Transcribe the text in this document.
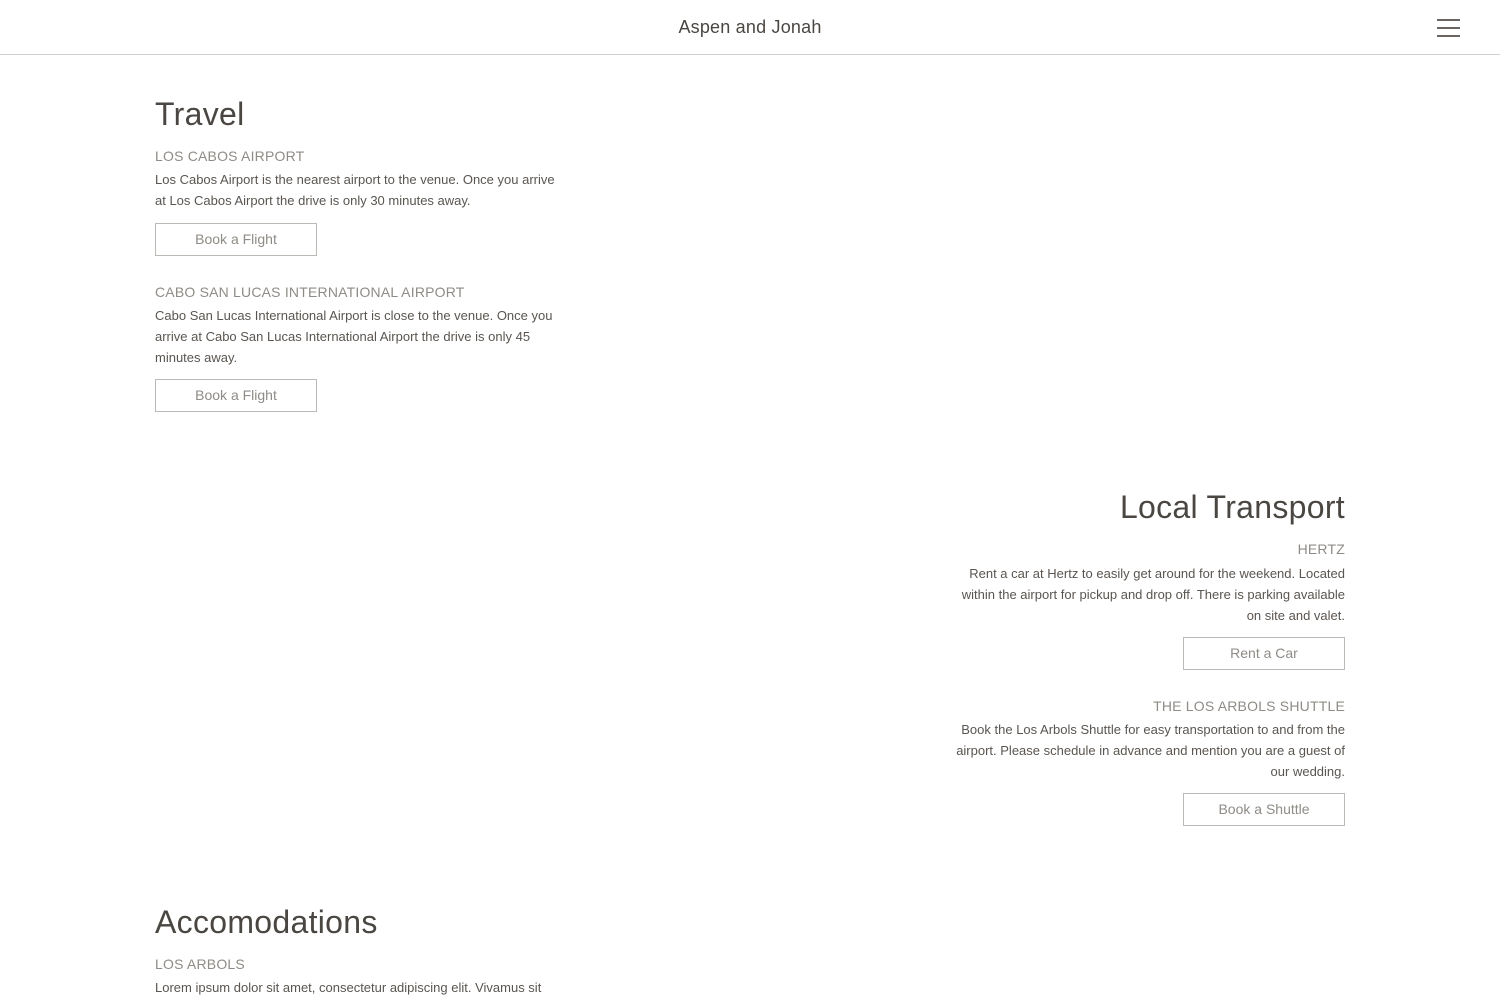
Aspen and Jonah
Travel

LOS CABOS AIRPORT

Los Cabos Airport is the nearest airport to the venue. Once you arrive at Los Cabos Airport the drive is only 30 minutes away.

Book a Flight

CABO SAN LUCAS INTERNATIONAL AIRPORT

Cabo San Lucas International Airport is close to the venue. Once you arrive at Cabo San Lucas International Airport the drive is only 45 minutes away.

Book a Flight
Local Transport

HERTZ

Rent a car at Hertz to easily get around for the weekend. Located within the airport for pickup and drop off. There is parking available on site and valet.

Rent a Car

THE LOS ARBOLS SHUTTLE

Book the Los Arbols Shuttle for easy transportation to and from the airport. Please schedule in advance and mention you are a guest of our wedding.

Book a Shuttle
Accomodations

LOS ARBOLS

Lorem ipsum dolor sit amet, consectetur adipiscing elit. Vivamus sit
